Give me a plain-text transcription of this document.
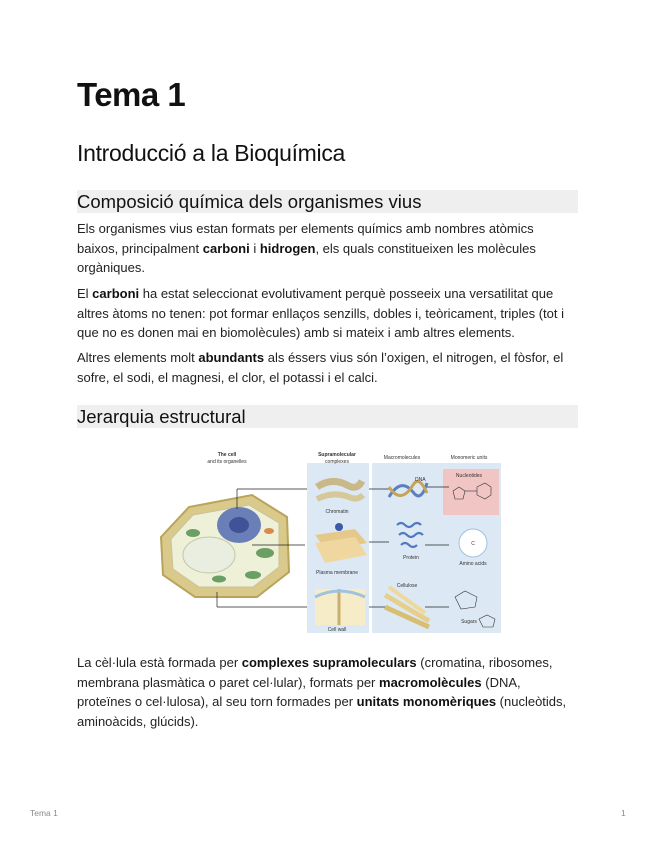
Tema 1
Introducció a la Bioquímica
Composició química dels organismes vius

Els organismes vius estan formats per elements químics amb nombres atòmics baixos, principalment carboni i hidrogen, els quals constitueixen les molècules orgàniques.

El carboni ha estat seleccionat evolutivament perquè posseeix una versatilitat que altres àtoms no tenen: pot formar enllaços senzills, dobles i, teòricament, triples (tot i que no es donen mai en biomolècules) amb si mateix i amb altres elements.

Altres elements molt abundants als éssers vius són l’oxigen, el nitrogen, el fòsfor, el sofre, el sodi, el magnesi, el clor, el potassi i el calci.

Jerarquia estructural
The cell
and its organelles
Supramolecular
complexes
Macromolecules	Monomeric units
Chromatin
Plasma membrane
Cell wall
DNA
Protein
Cellulose
Nucleotides
C
Amino acids
Sugars

La cèl·lula està formada per complexes supramoleculars (cromatina, ribosomes, membrana plasmàtica o paret cel·lular), formats per macromolècules (DNA, proteïnes o cel·lulosa), al seu torn formades per unitats monomèriques (nucleòtids, aminoàcids, glúcids).

Tema 1	1
